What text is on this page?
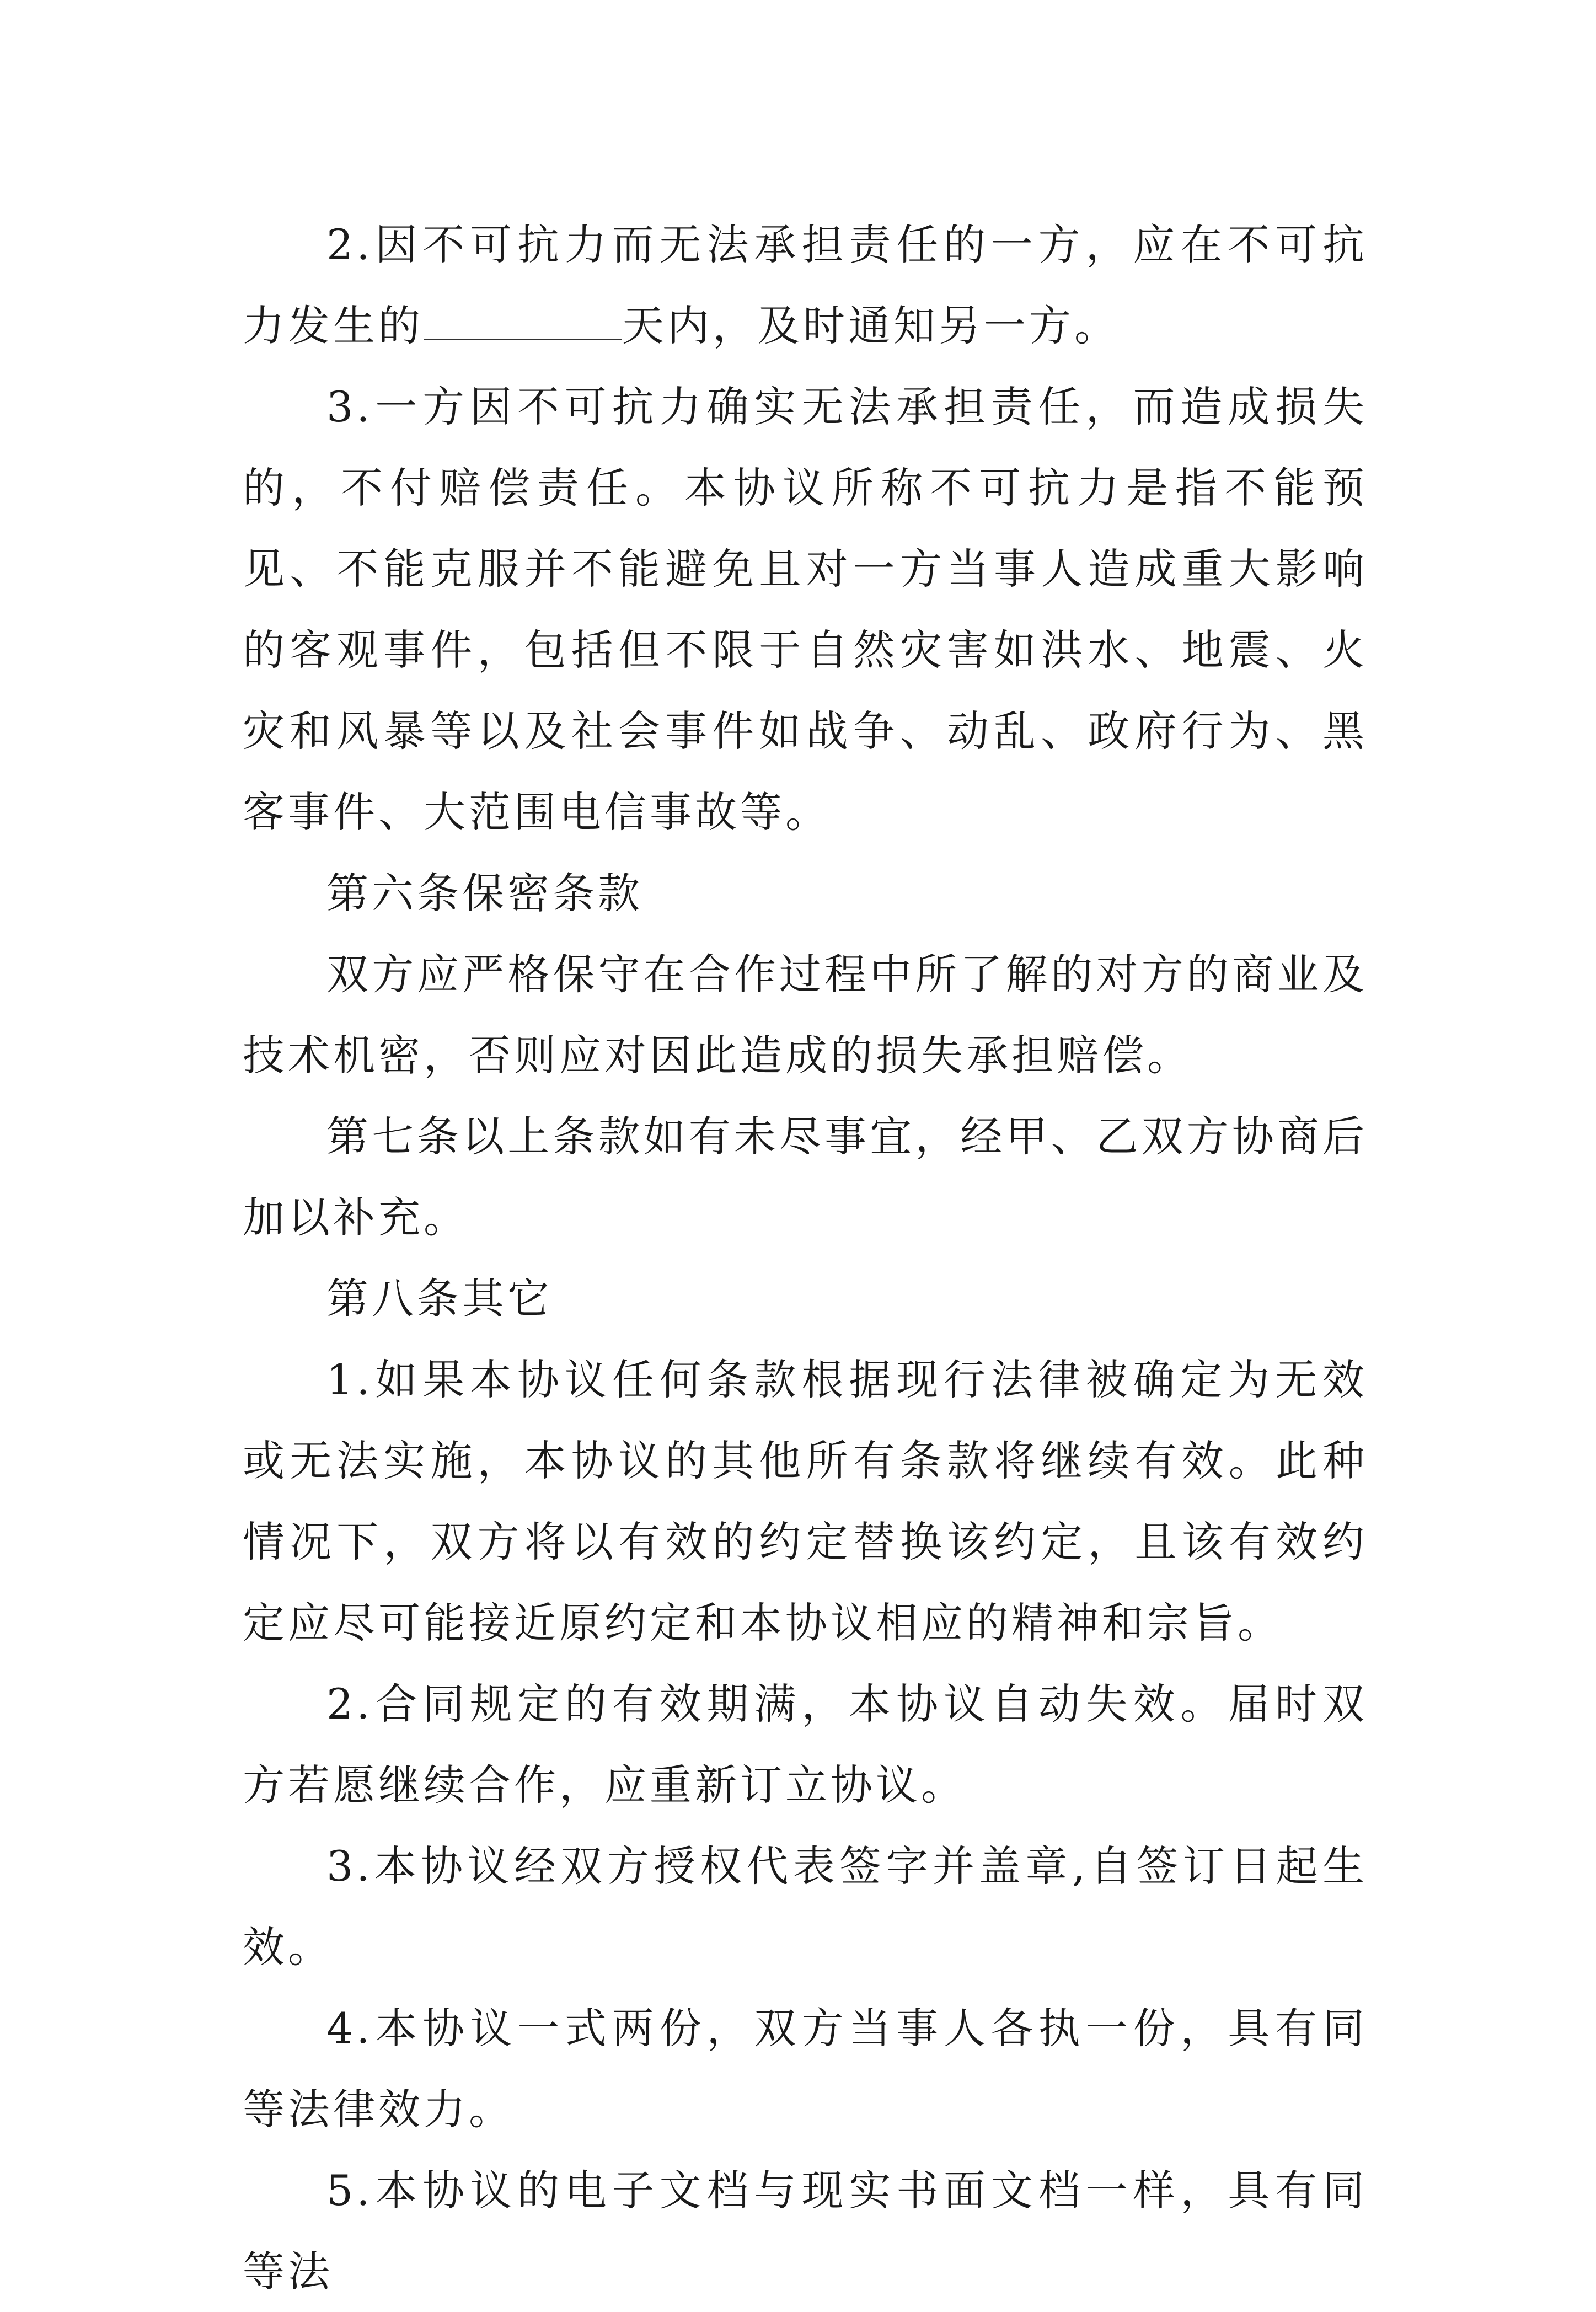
2.因不可抗力而无法承担责任的一方，应在不可抗力发生的	天内，及时通知另一方。

3.一方因不可抗力确实无法承担责任，而造成损失的，不付赔偿责任。本协议所称不可抗力是指不能预见、不能克服并不能避免且对一方当事人造成重大影响的客观事件，包括但不限于自然灾害如洪水、地震、火灾和风暴等以及社会事件如战争、动乱、政府行为、黑客事件、大范围电信事故等。

第六条保密条款

双方应严格保守在合作过程中所了解的对方的商业及技术机密，否则应对因此造成的损失承担赔偿。

第七条以上条款如有未尽事宜，经甲、乙双方协商后加以补充。

第八条其它

1.如果本协议任何条款根据现行法律被确定为无效或无法实施，本协议的其他所有条款将继续有效。此种情况下，双方将以有效的约定替换该约定，且该有效约定应尽可能接近原约定和本协议相应的精神和宗旨。

2.合同规定的有效期满，本协议自动失效。届时双方若愿继续合作，应重新订立协议。

3.本协议经双方授权代表签字并盖章,自签订日起生效。

4.本协议一式两份，双方当事人各执一份，具有同等法律效力。

5.本协议的电子文档与现实书面文档一样，具有同等法
